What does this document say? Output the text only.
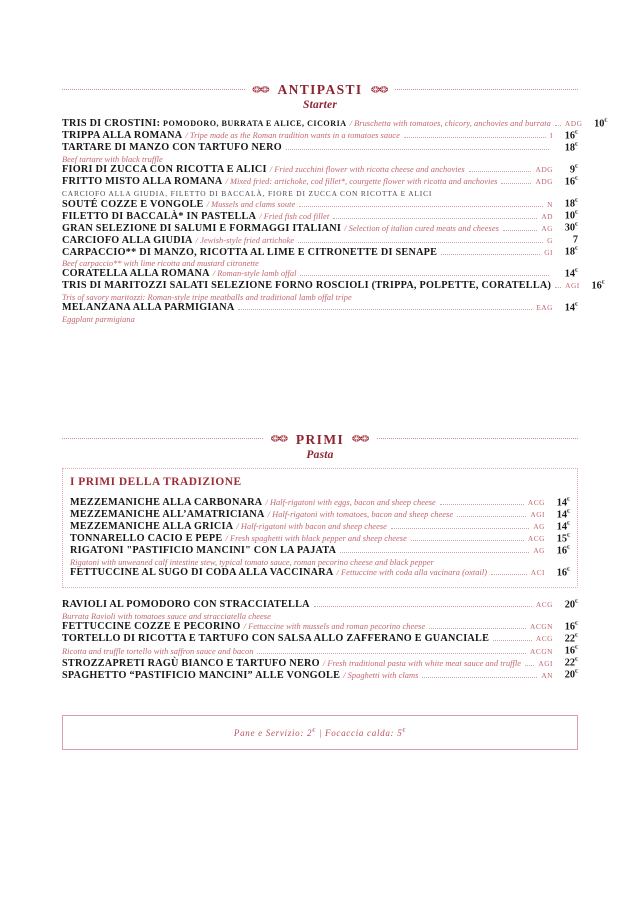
❂❂ ANTIPASTI ❂❂
Starter
TRIS DI CROSTINI: POMODORO, BURRATA E ALICE, CICORIA / Bruschetta with tomatoes, chicory, anchovies and burrata ADG	10€
TRIPPA ALLA ROMANA / Tripe made as the Roman tradition wants in a tomatoes sauce	I	16€
TARTARE DI MANZO CON TARTUFO NERO	18€
Beef tartare with black truffle
FIORI DI ZUCCA CON RICOTTA E ALICI / Fried zucchini flower with ricotta cheese and anchovies	ADG	9€
FRITTO MISTO ALLA ROMANA / Mixed fried: artichoke, cod fillet*, courgette flower with ricotta and anchovies	ADG	16€
CARCIOFO ALLA GIUDIA, FILETTO DI BACCALÀ, FIORE DI ZUCCA CON RICOTTA E ALICI
SOUTÉ COZZE E VONGOLE / Mussels and clams soute	N	18€
FILETTO DI BACCALÀ* IN PASTELLA / Fried fish cod fillet	AD	10€
GRAN SELEZIONE DI SALUMI E FORMAGGI ITALIANI / Selection of italian cured meats and cheeses	AG	30€
CARCIOFO ALLA GIUDIA / Jewish-style fried artichoke	G	7
CARPACCIO** DI MANZO, RICOTTA AL LIME E CITRONETTE DI SENAPE	GI	18€
Beef carpaccio** with lime ricotta and mustard citronette
CORATELLA ALLA ROMANA / Roman-style lamb offal	14€
TRIS DI MARITOZZI SALATI SELEZIONE FORNO ROSCIOLI (TRIPPA, POLPETTE, CORATELLA) AGI	16€
Tris of savory maritozzi: Roman-style tripe meatballs and traditional lamb offal tripe
MELANZANA ALLA PARMIGIANA	EAG	14€
Eggplant parmigiana
❂❂ PRIMI ❂❂
Pasta
I PRIMI DELLA TRADIZIONE
MEZZEMANICHE ALLA CARBONARA / Half-rigatoni with eggs, bacon and sheep cheese	ACG	14€
MEZZEMANICHE ALL’AMATRICIANA / Half-rigatoni with tomatoes, bacon and sheep cheese	AGI	14€
MEZZEMANICHE ALLA GRICIA / Half-rigatoni with bacon and sheep cheese	AG	14€
TONNARELLO CACIO E PEPE / Fresh spaghetti with black pepper and sheep cheese	ACG	15€
RIGATONI "PASTIFICIO MANCINI" CON LA PAJATA	AG	16€
Rigatoni with unweaned calf intestine stew, typical tomato sauce, roman pecorino cheese and black pepper
FETTUCCINE AL SUGO DI CODA ALLA VACCINARA / Fettuccine with coda alla vacinara (oxtail)	ACI	16€
RAVIOLI AL POMODORO CON STRACCIATELLA	ACG	20€
Burrata Ravioli with tomatoes sauce and stracciatella cheese
FETTUCCINE COZZE E PECORINO / Fettuccine with mussels and roman pecorino cheese	ACGN	16€
TORTELLO DI RICOTTA E TARTUFO CON SALSA ALLO ZAFFERANO E GUANCIALE	ACG	22€
Ricotta and truffle tortello with saffron sauce and bacon	ACGN	16€
STROZZAPRETI RAGÙ BIANCO E TARTUFO NERO / Fresh traditional pasta with white meat sauce and truffle AGI	22€
SPAGHETTO “PASTIFICIO MANCINI” ALLE VONGOLE / Spaghetti with clams	AN	20€
Pane e Servizio: 2€ | Focaccia calda: 5€
